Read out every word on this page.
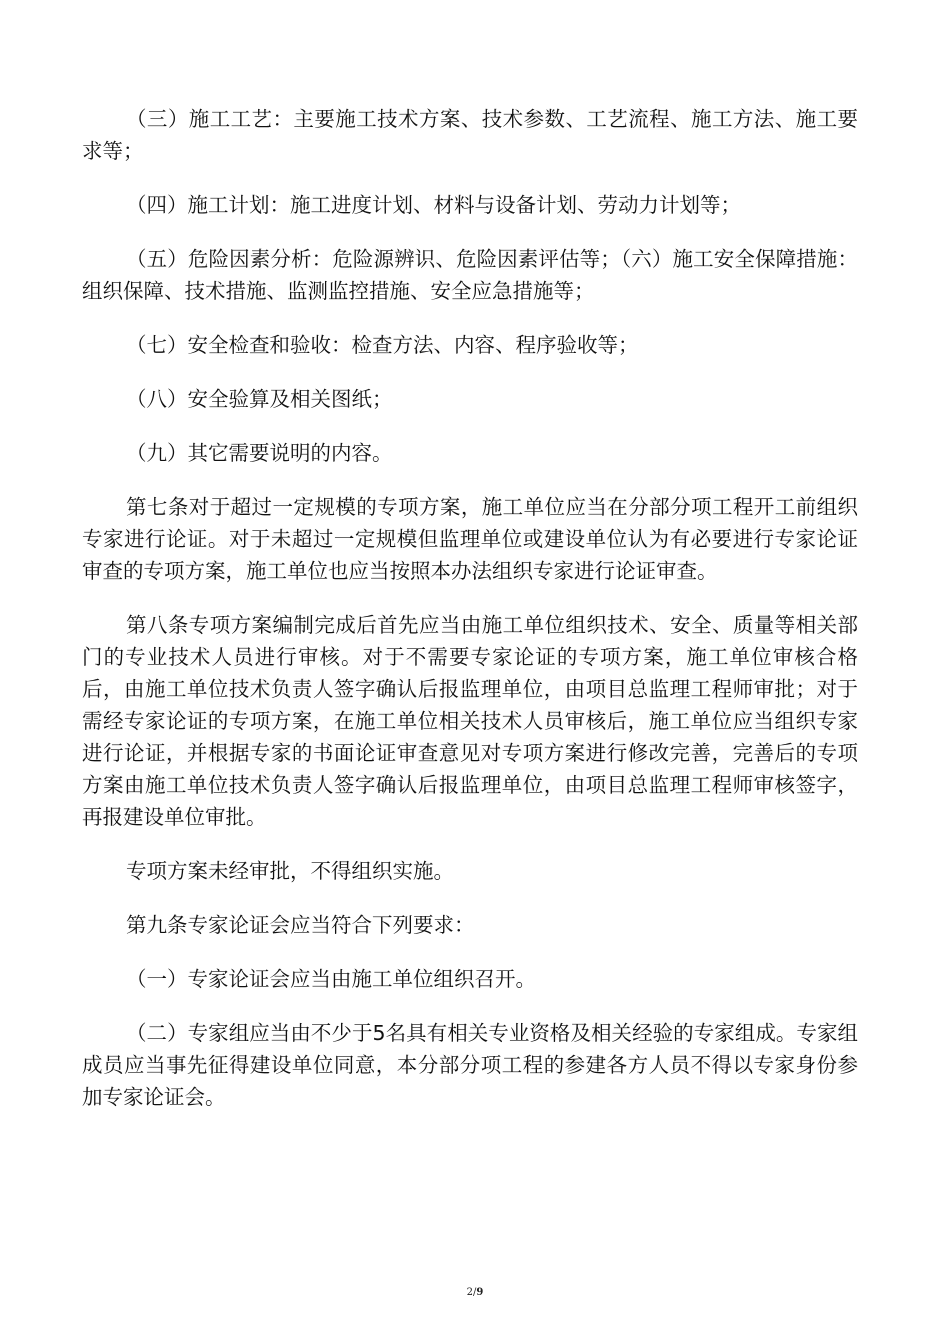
（三）施工工艺：主要施工技术方案、技术参数、工艺流程、施工方法、施工要求等；

（四）施工计划：施工进度计划、材料与设备计划、劳动力计划等；

（五）危险因素分析：危险源辨识、危险因素评估等；（六）施工安全保障措施：组织保障、技术措施、监测监控措施、安全应急措施等；

（七）安全检查和验收：检查方法、内容、程序验收等；

（八）安全验算及相关图纸；

（九）其它需要说明的内容。

第七条对于超过一定规模的专项方案，施工单位应当在分部分项工程开工前组织专家进行论证。对于未超过一定规模但监理单位或建设单位认为有必要进行专家论证审查的专项方案，施工单位也应当按照本办法组织专家进行论证审查。

第八条专项方案编制完成后首先应当由施工单位组织技术、安全、质量等相关部门的专业技术人员进行审核。对于不需要专家论证的专项方案，施工单位审核合格后，由施工单位技术负责人签字确认后报监理单位，由项目总监理工程师审批；对于需经专家论证的专项方案，在施工单位相关技术人员审核后，施工单位应当组织专家进行论证，并根据专家的书面论证审查意见对专项方案进行修改完善，完善后的专项方案由施工单位技术负责人签字确认后报监理单位，由项目总监理工程师审核签字，再报建设单位审批。

专项方案未经审批，不得组织实施。

第九条专家论证会应当符合下列要求：

（一）专家论证会应当由施工单位组织召开。

（二）专家组应当由不少于5名具有相关专业资格及相关经验的专家组成。专家组成员应当事先征得建设单位同意，本分部分项工程的参建各方人员不得以专家身份参加专家论证会。

2/9
